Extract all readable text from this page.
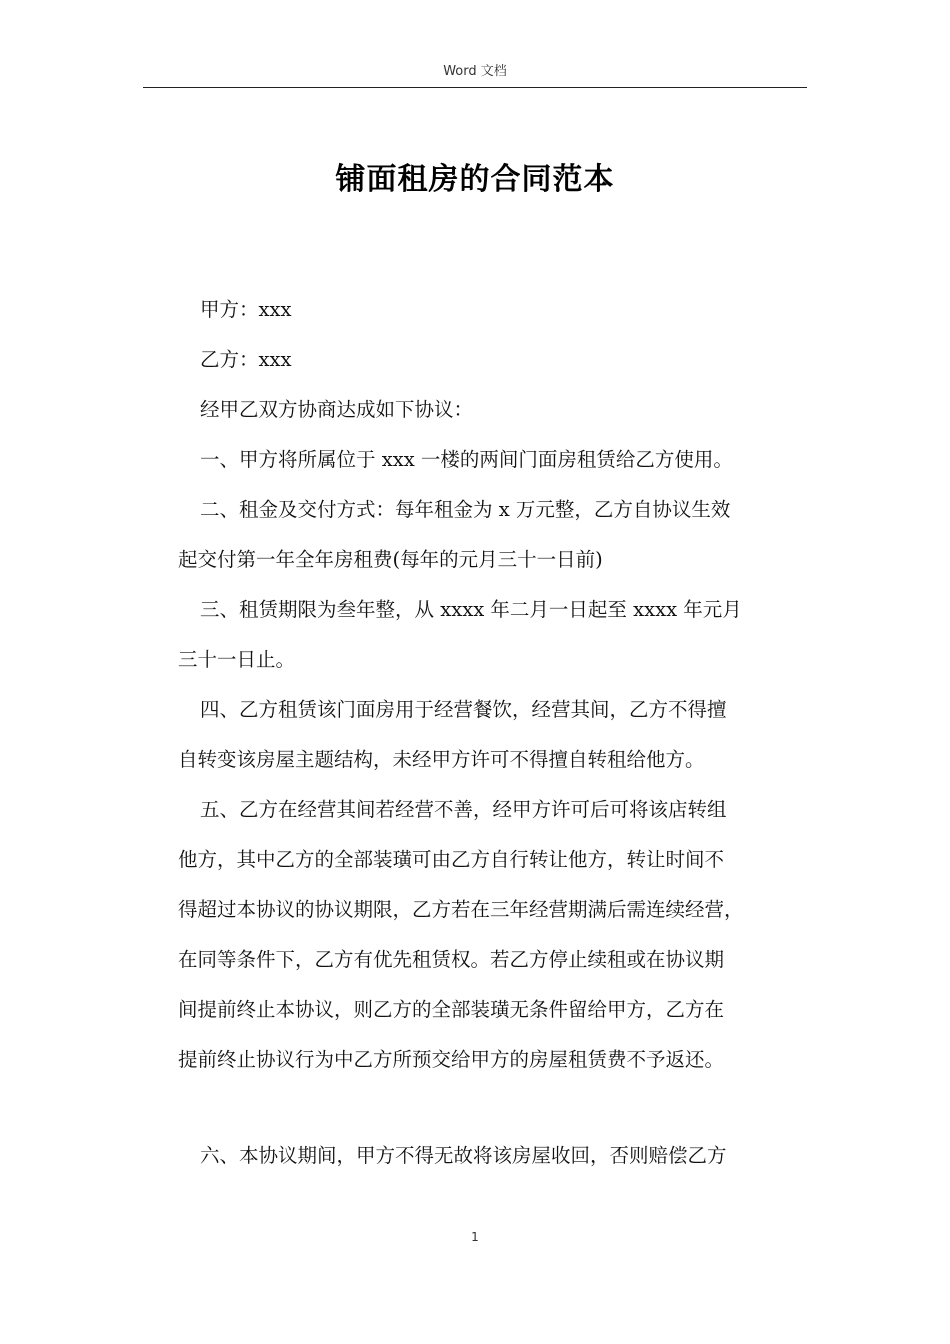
Word 文档
铺面租房的合同范本

甲方：xxx

乙方：xxx

经甲乙双方协商达成如下协议：

一、甲方将所属位于 xxx 一楼的两间门面房租赁给乙方使用。

二、租金及交付方式：每年租金为 x 万元整，乙方自协议生效

起交付第一年全年房租费(每年的元月三十一日前)

三、租赁期限为叁年整，从 xxxx 年二月一日起至 xxxx 年元月

三十一日止。

四、乙方租赁该门面房用于经营餐饮，经营其间，乙方不得擅

自转变该房屋主题结构，未经甲方许可不得擅自转租给他方。

五、乙方在经营其间若经营不善，经甲方许可后可将该店转组

他方，其中乙方的全部装璜可由乙方自行转让他方，转让时间不

得超过本协议的协议期限，乙方若在三年经营期满后需连续经营，

在同等条件下，乙方有优先租赁权。若乙方停止续租或在协议期

间提前终止本协议，则乙方的全部装璜无条件留给甲方，乙方在

提前终止协议行为中乙方所预交给甲方的房屋租赁费不予返还。

六、本协议期间，甲方不得无故将该房屋收回，否则赔偿乙方

1
